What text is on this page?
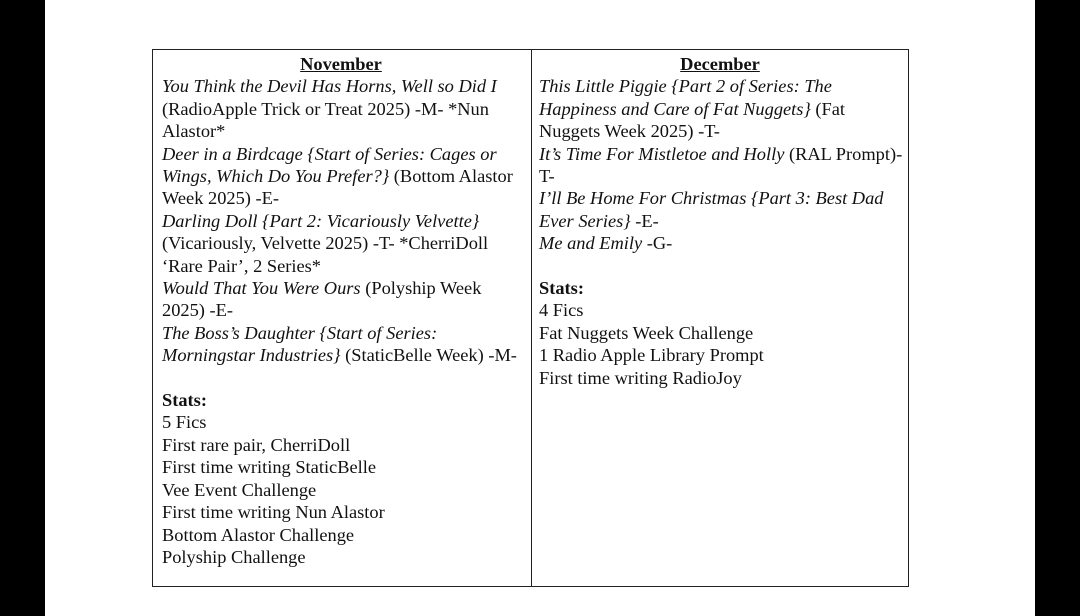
November
You Think the Devil Has Horns, Well so Did I (RadioApple Trick or Treat 2025) -M- *Nun Alastor*
Deer in a Birdcage {Start of Series: Cages or Wings, Which Do You Prefer?} (Bottom Alastor Week 2025) -E-
Darling Doll {Part 2: Vicariously Velvette} (Vicariously, Velvette 2025) -T- *CherriDoll ‘Rare Pair’, 2 Series*
Would That You Were Ours (Polyship Week 2025) -E-
The Boss’s Daughter {Start of Series: Morningstar Industries} (StaticBelle Week) -M-
Stats:
5 Fics
First rare pair, CherriDoll
First time writing StaticBelle
Vee Event Challenge
First time writing Nun Alastor
Bottom Alastor Challenge
Polyship Challenge
December
This Little Piggie {Part 2 of Series: The Happiness and Care of Fat Nuggets} (Fat Nuggets Week 2025) -T-
It’s Time For Mistletoe and Holly (RAL Prompt)-T-
I’ll Be Home For Christmas {Part 3: Best Dad Ever Series} -E-
Me and Emily -G-
Stats:
4 Fics
Fat Nuggets Week Challenge
1 Radio Apple Library Prompt
First time writing RadioJoy
